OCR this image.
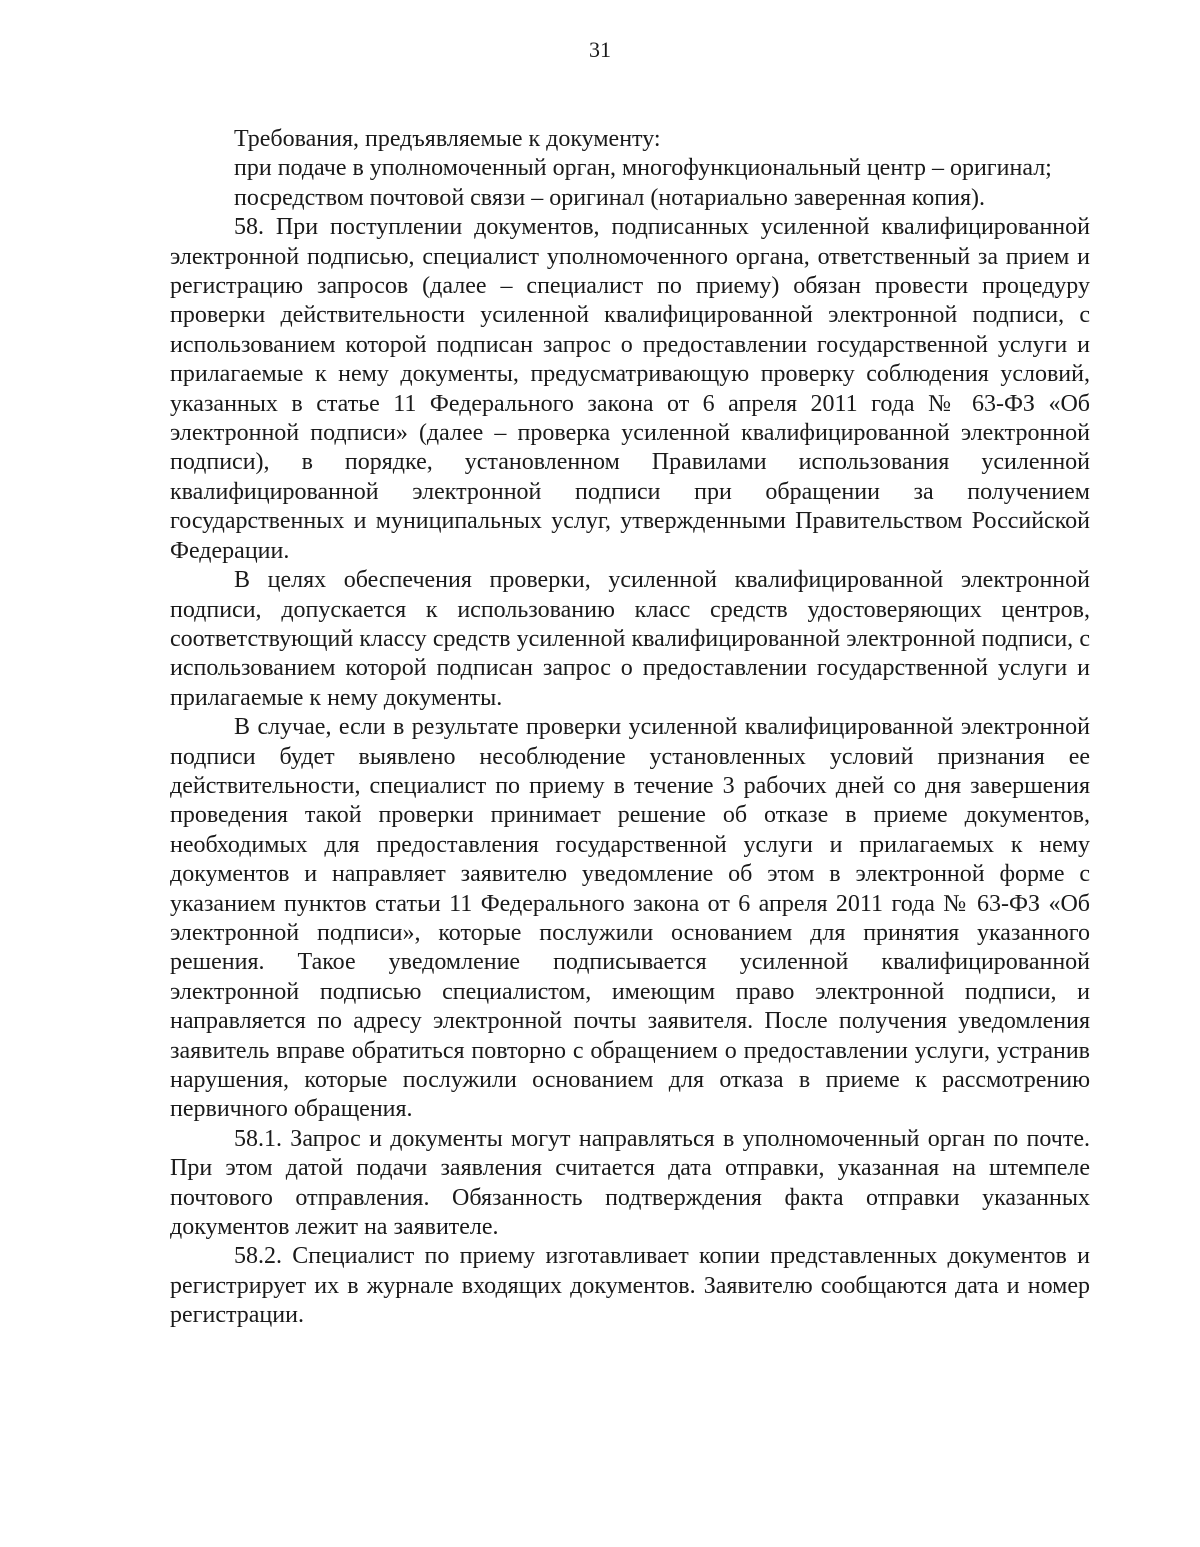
31

Требования, предъявляемые к документу:

при подаче в уполномоченный орган, многофункциональный центр – оригинал;

посредством почтовой связи – оригинал (нотариально заверенная копия).

58. При поступлении документов, подписанных усиленной квалифицированной электронной подписью, специалист уполномоченного органа, ответственный за прием и регистрацию запросов (далее – специалист по приему) обязан провести процедуру проверки действительности усиленной квалифицированной электронной подписи, с использованием которой подписан запрос о предоставлении государственной услуги и прилагаемые к нему документы, предусматривающую проверку соблюдения условий, указанных в статье 11 Федерального закона от 6 апреля 2011 года № 63-ФЗ «Об электронной подписи» (далее – проверка усиленной квалифицированной электронной подписи), в порядке, установленном Правилами использования усиленной квалифицированной электронной подписи при обращении за получением государственных и муниципальных услуг, утвержденными Правительством Российской Федерации.

В целях обеспечения проверки, усиленной квалифицированной электронной подписи, допускается к использованию класс средств удостоверяющих центров, соответствующий классу средств усиленной квалифицированной электронной подписи, с использованием которой подписан запрос о предоставлении государственной услуги и прилагаемые к нему документы.

В случае, если в результате проверки усиленной квалифицированной электронной подписи будет выявлено несоблюдение установленных условий признания ее действительности, специалист по приему в течение 3 рабочих дней со дня завершения проведения такой проверки принимает решение об отказе в приеме документов, необходимых для предоставления государственной услуги и прилагаемых к нему документов и направляет заявителю уведомление об этом в электронной форме с указанием пунктов статьи 11 Федерального закона от 6 апреля 2011 года № 63-ФЗ «Об электронной подписи», которые послужили основанием для принятия указанного решения. Такое уведомление подписывается усиленной квалифицированной электронной подписью специалистом, имеющим право электронной подписи, и направляется по адресу электронной почты заявителя. После получения уведомления заявитель вправе обратиться повторно с обращением о предоставлении услуги, устранив нарушения, которые послужили основанием для отказа в приеме к рассмотрению первичного обращения.

58.1. Запрос и документы могут направляться в уполномоченный орган по почте. При этом датой подачи заявления считается дата отправки, указанная на штемпеле почтового отправления. Обязанность подтверждения факта отправки указанных документов лежит на заявителе.

58.2. Специалист по приему изготавливает копии представленных документов и регистрирует их в журнале входящих документов. Заявителю сообщаются дата и номер регистрации.
